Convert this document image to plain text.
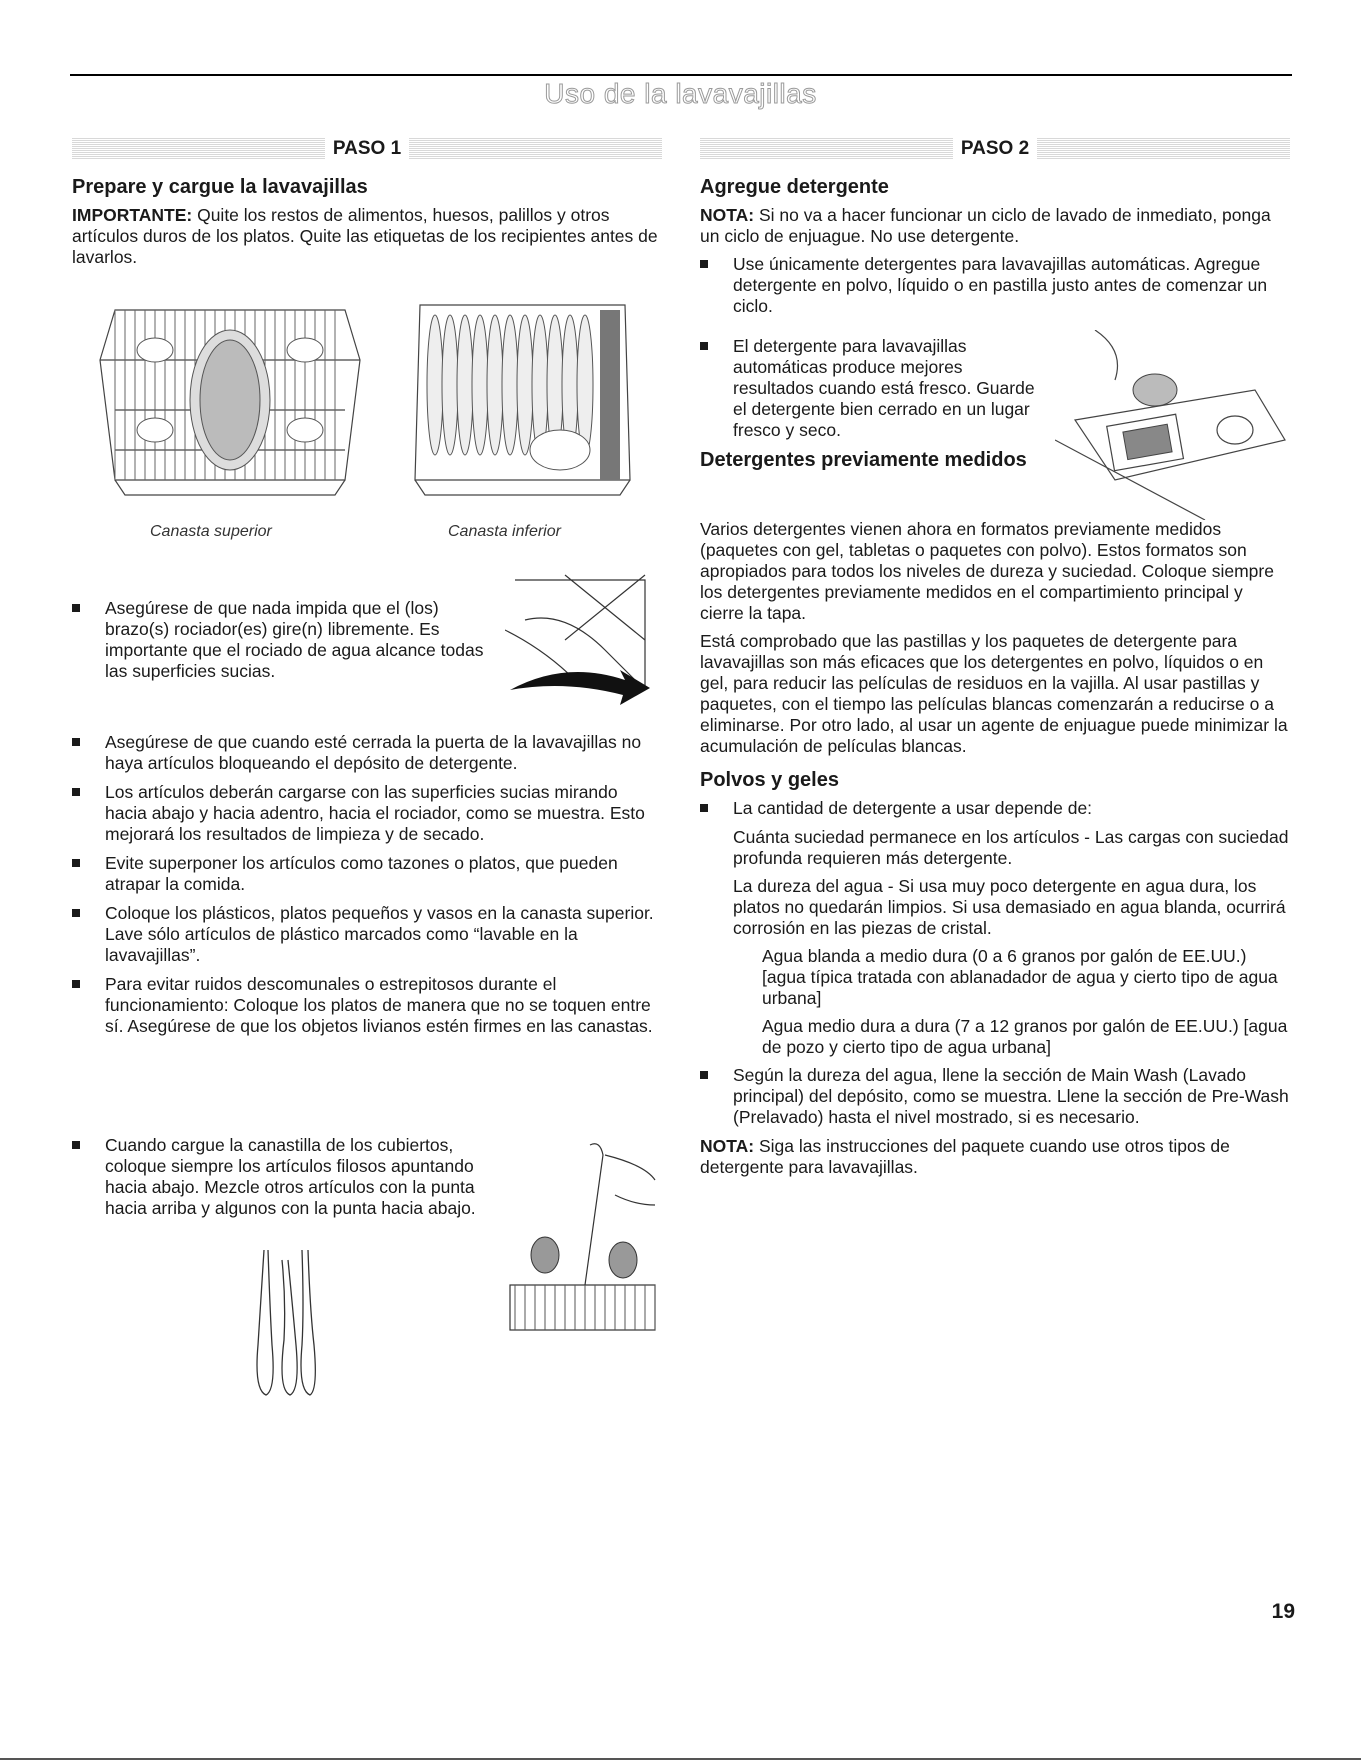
Uso de la lavavajillas
PASO 1	PASO 2
Prepare y cargue la lavavajillas

IMPORTANTE: Quite los restos de alimentos, huesos, palillos y otros artículos duros de los platos. Quite las etiquetas de los recipientes antes de lavarlos.

Canasta superior	Canasta inferior
Asegúrese de que nada impida que el (los) brazo(s) rociador(es) gire(n) libremente. Es importante que el rociado de agua alcance todas las superficies sucias.
Asegúrese de que cuando esté cerrada la puerta de la lavavajillas no haya artículos bloqueando el depósito de detergente.
Los artículos deberán cargarse con las superficies sucias mirando hacia abajo y hacia adentro, hacia el rociador, como se muestra. Esto mejorará los resultados de limpieza y de secado.
Evite superponer los artículos como tazones o platos, que pueden atrapar la comida.
Coloque los plásticos, platos pequeños y vasos en la canasta superior. Lave sólo artículos de plástico marcados como “lavable en la lavavajillas”.
Para evitar ruidos descomunales o estrepitosos durante el funcionamiento: Coloque los platos de manera que no se toquen entre sí. Asegúrese de que los objetos livianos estén firmes en las canastas.
Cuando cargue la canastilla de los cubiertos, coloque siempre los artículos filosos apuntando hacia abajo. Mezcle otros artículos con la punta hacia arriba y algunos con la punta hacia abajo.
Agregue detergente

NOTA: Si no va a hacer funcionar un ciclo de lavado de inmediato, ponga un ciclo de enjuague. No use detergente.

Use únicamente detergentes para lavavajillas automáticas. Agregue detergente en polvo, líquido o en pastilla justo antes de comenzar un ciclo.
El detergente para lavavajillas automáticas produce mejores resultados cuando está fresco. Guarde el detergente bien cerrado en un lugar fresco y seco.
Detergentes previamente medidos

Varios detergentes vienen ahora en formatos previamente medidos (paquetes con gel, tabletas o paquetes con polvo). Estos formatos son apropiados para todos los niveles de dureza y suciedad. Coloque siempre los detergentes previamente medidos en el compartimiento principal y cierre la tapa.

Está comprobado que las pastillas y los paquetes de detergente para lavavajillas son más eficaces que los detergentes en polvo, líquidos o en gel, para reducir las películas de residuos en la vajilla. Al usar pastillas y paquetes, con el tiempo las películas blancas comenzarán a reducirse o a eliminarse. Por otro lado, al usar un agente de enjuague puede minimizar la acumulación de películas blancas.

Polvos y geles
La cantidad de detergente a usar depende de:

Cuánta suciedad permanece en los artículos - Las cargas con suciedad profunda requieren más detergente.

La dureza del agua - Si usa muy poco detergente en agua dura, los platos no quedarán limpios. Si usa demasiado en agua blanda, ocurrirá corrosión en las piezas de cristal.

Agua blanda a medio dura (0 a 6 granos por galón de EE.UU.) [agua típica tratada con ablanadador de agua y cierto tipo de agua urbana]

Agua medio dura a dura (7 a 12 granos por galón de EE.UU.) [agua de pozo y cierto tipo de agua urbana]

Según la dureza del agua, llene la sección de Main Wash (Lavado principal) del depósito, como se muestra. Llene la sección de Pre-Wash (Prelavado) hasta el nivel mostrado, si es necesario.

NOTA: Siga las instrucciones del paquete cuando use otros tipos de detergente para lavavajillas.

19
